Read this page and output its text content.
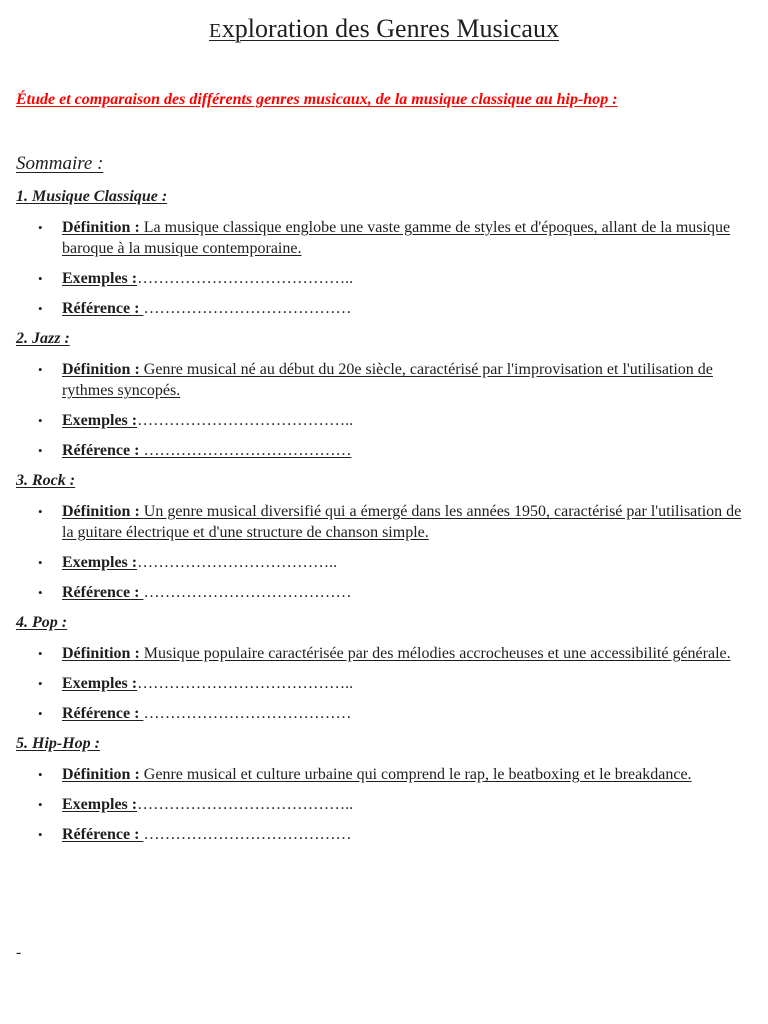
Exploration des Genres Musicaux

Étude et comparaison des différents genres musicaux, de la musique classique au hip-hop :

Sommaire :

1. Musique Classique :

• Définition : La musique classique englobe une vaste gamme de styles et d'époques, allant de la musique baroque à la musique contemporaine.
• Exemples :…………………………………..
• Référence : …………………………………

2. Jazz :

• Définition : Genre musical né au début du 20e siècle, caractérisé par l'improvisation et l'utilisation de rythmes syncopés.
• Exemples :…………………………………..
• Référence : …………………………………

3. Rock :

• Définition : Un genre musical diversifié qui a émergé dans les années 1950, caractérisé par l'utilisation de la guitare électrique et d'une structure de chanson simple.
• Exemples :………………………………..
• Référence : …………………………………

4. Pop :

• Définition : Musique populaire caractérisée par des mélodies accrocheuses et une accessibilité générale.
• Exemples :…………………………………..
• Référence : …………………………………

5. Hip-Hop :

• Définition : Genre musical et culture urbaine qui comprend le rap, le beatboxing et le breakdance.
• Exemples :…………………………………..
• Référence : …………………………………
-
